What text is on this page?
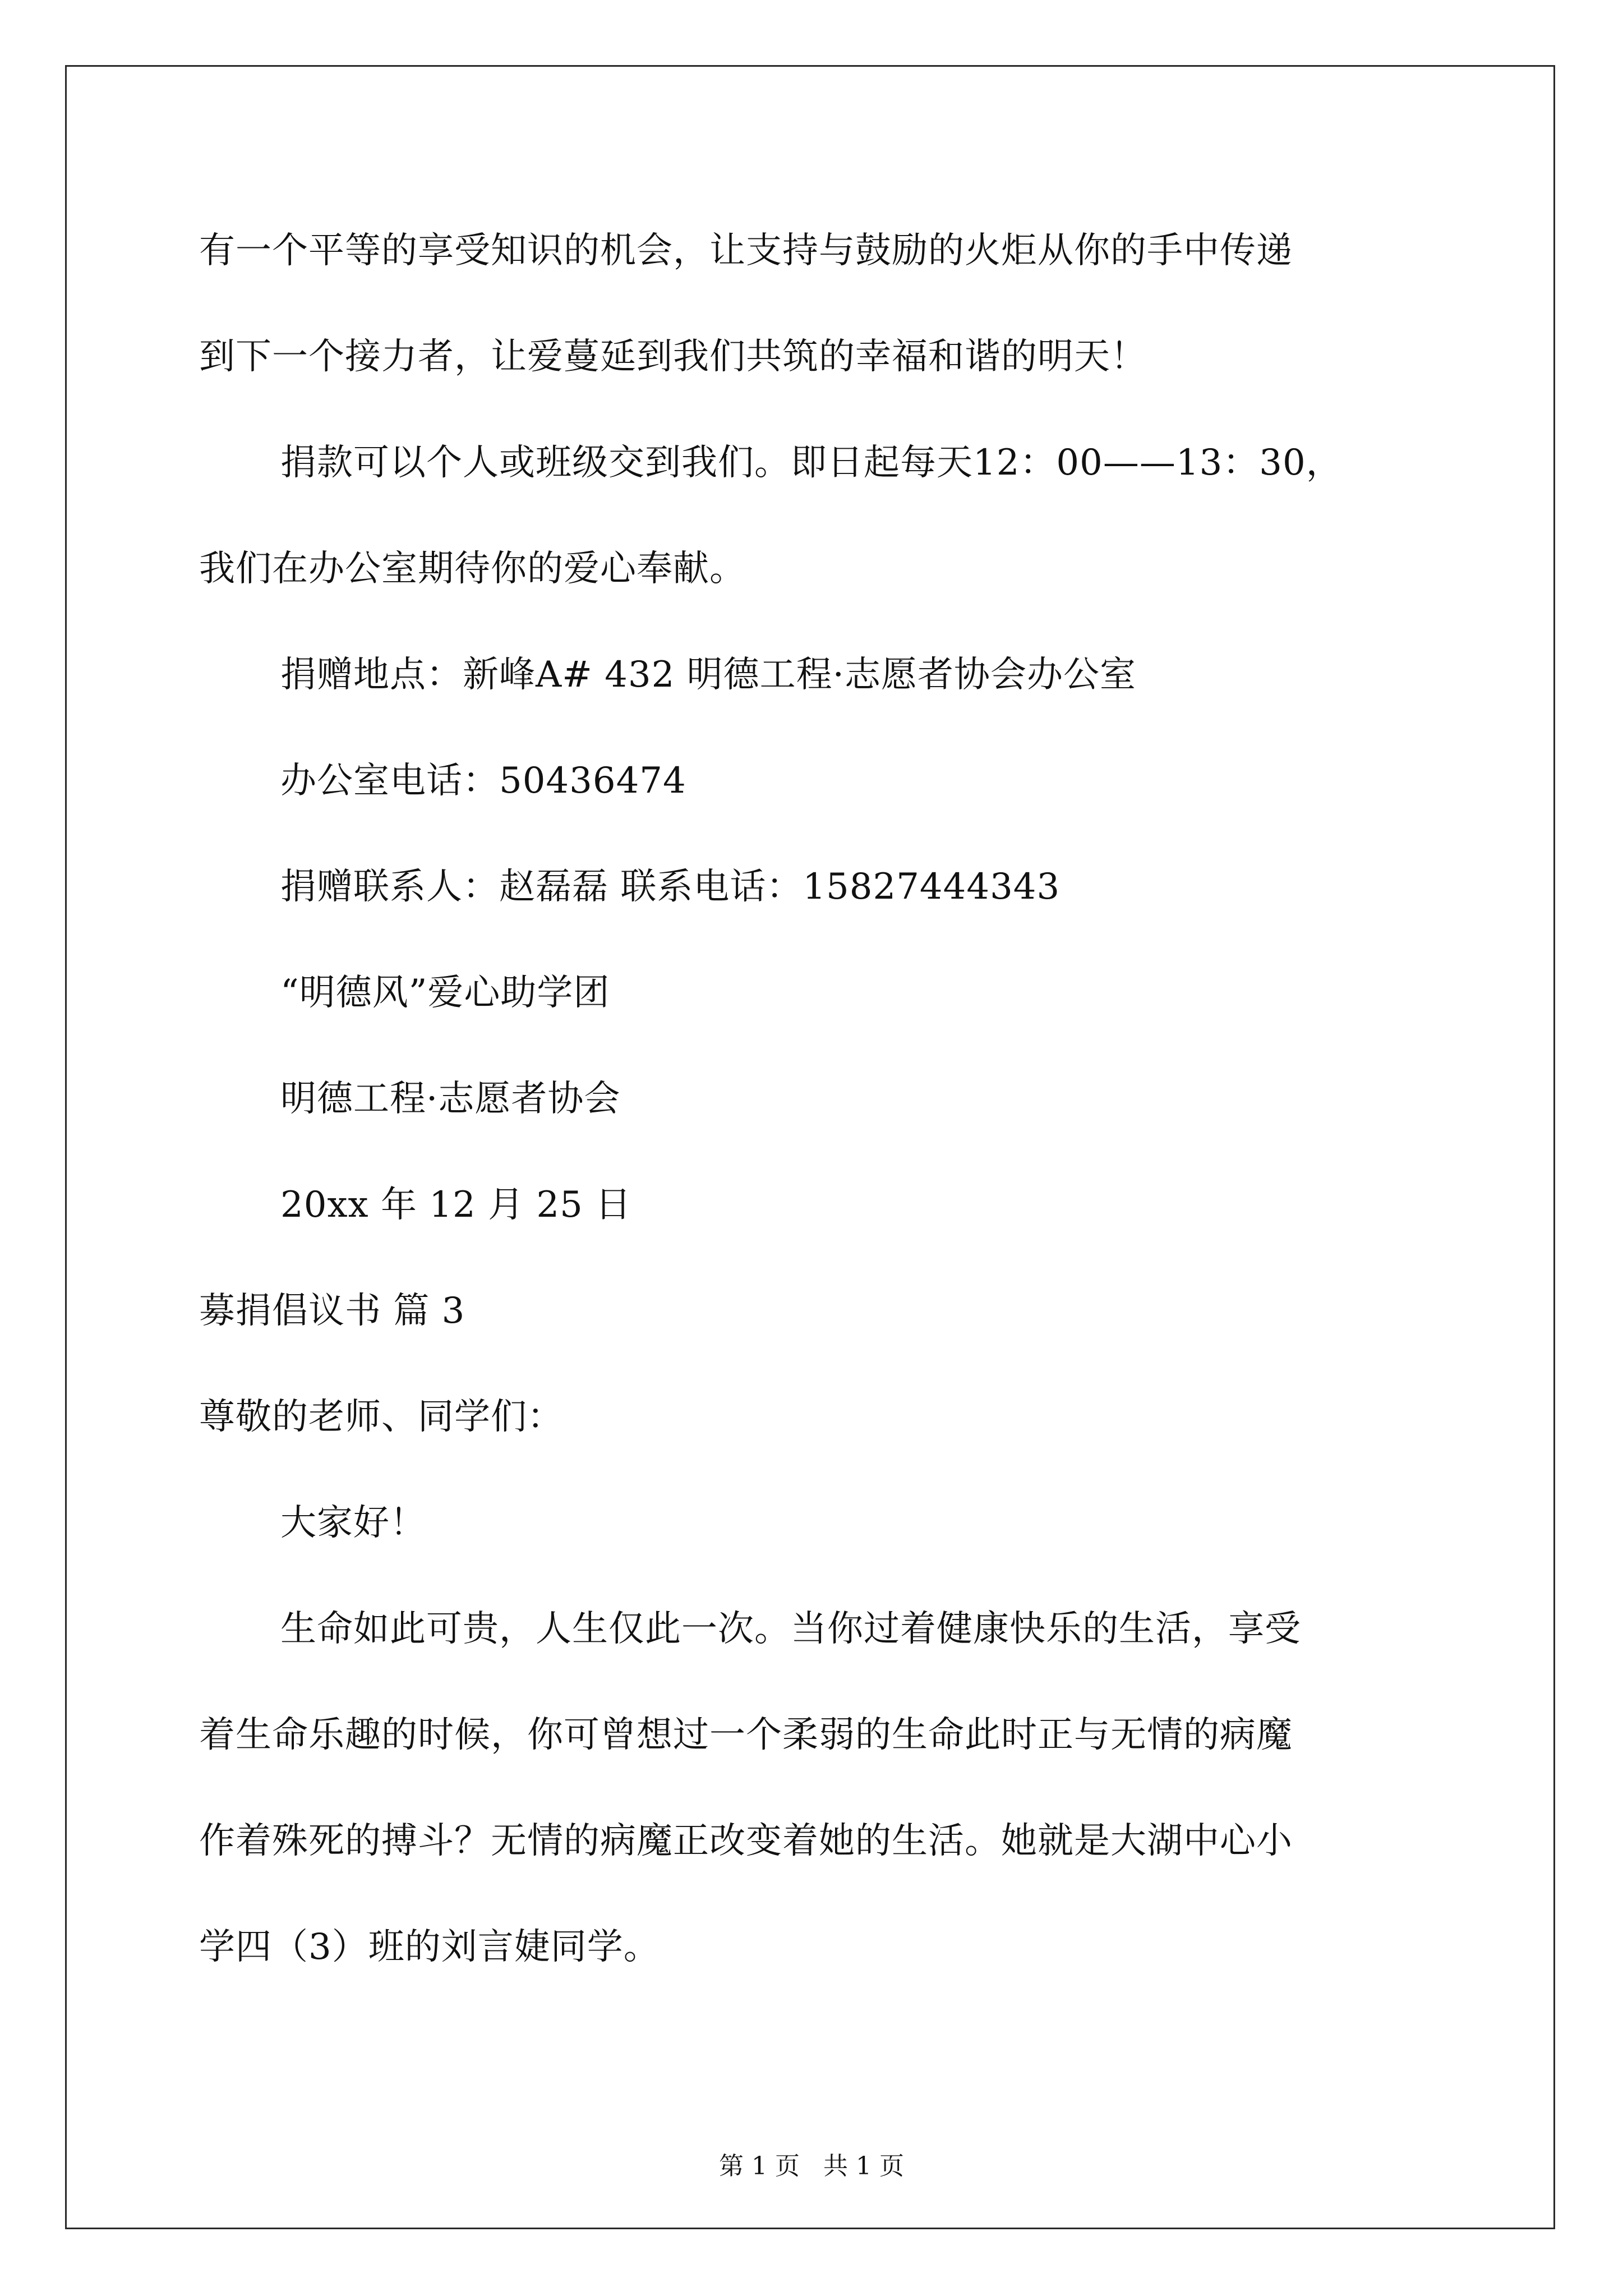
有一个平等的享受知识的机会，让支持与鼓励的火炬从你的手中传递
到下一个接力者，让爱蔓延到我们共筑的幸福和谐的明天！
捐款可以个人或班级交到我们。即日起每天12：00——13：30，
我们在办公室期待你的爱心奉献。
捐赠地点：新峰A# 432 明德工程·志愿者协会办公室
办公室电话：50436474
捐赠联系人：赵磊磊 联系电话：15827444343
“明德风”爱心助学团
明德工程·志愿者协会
20xx 年 12 月 25 日
募捐倡议书 篇 3
尊敬的老师、同学们：
大家好！
生命如此可贵，人生仅此一次。当你过着健康快乐的生活，享受
着生命乐趣的时候，你可曾想过一个柔弱的生命此时正与无情的病魔
作着殊死的搏斗？无情的病魔正改变着她的生活。她就是大湖中心小
学四（3）班的刘言婕同学。
第 1 页   共 1 页
